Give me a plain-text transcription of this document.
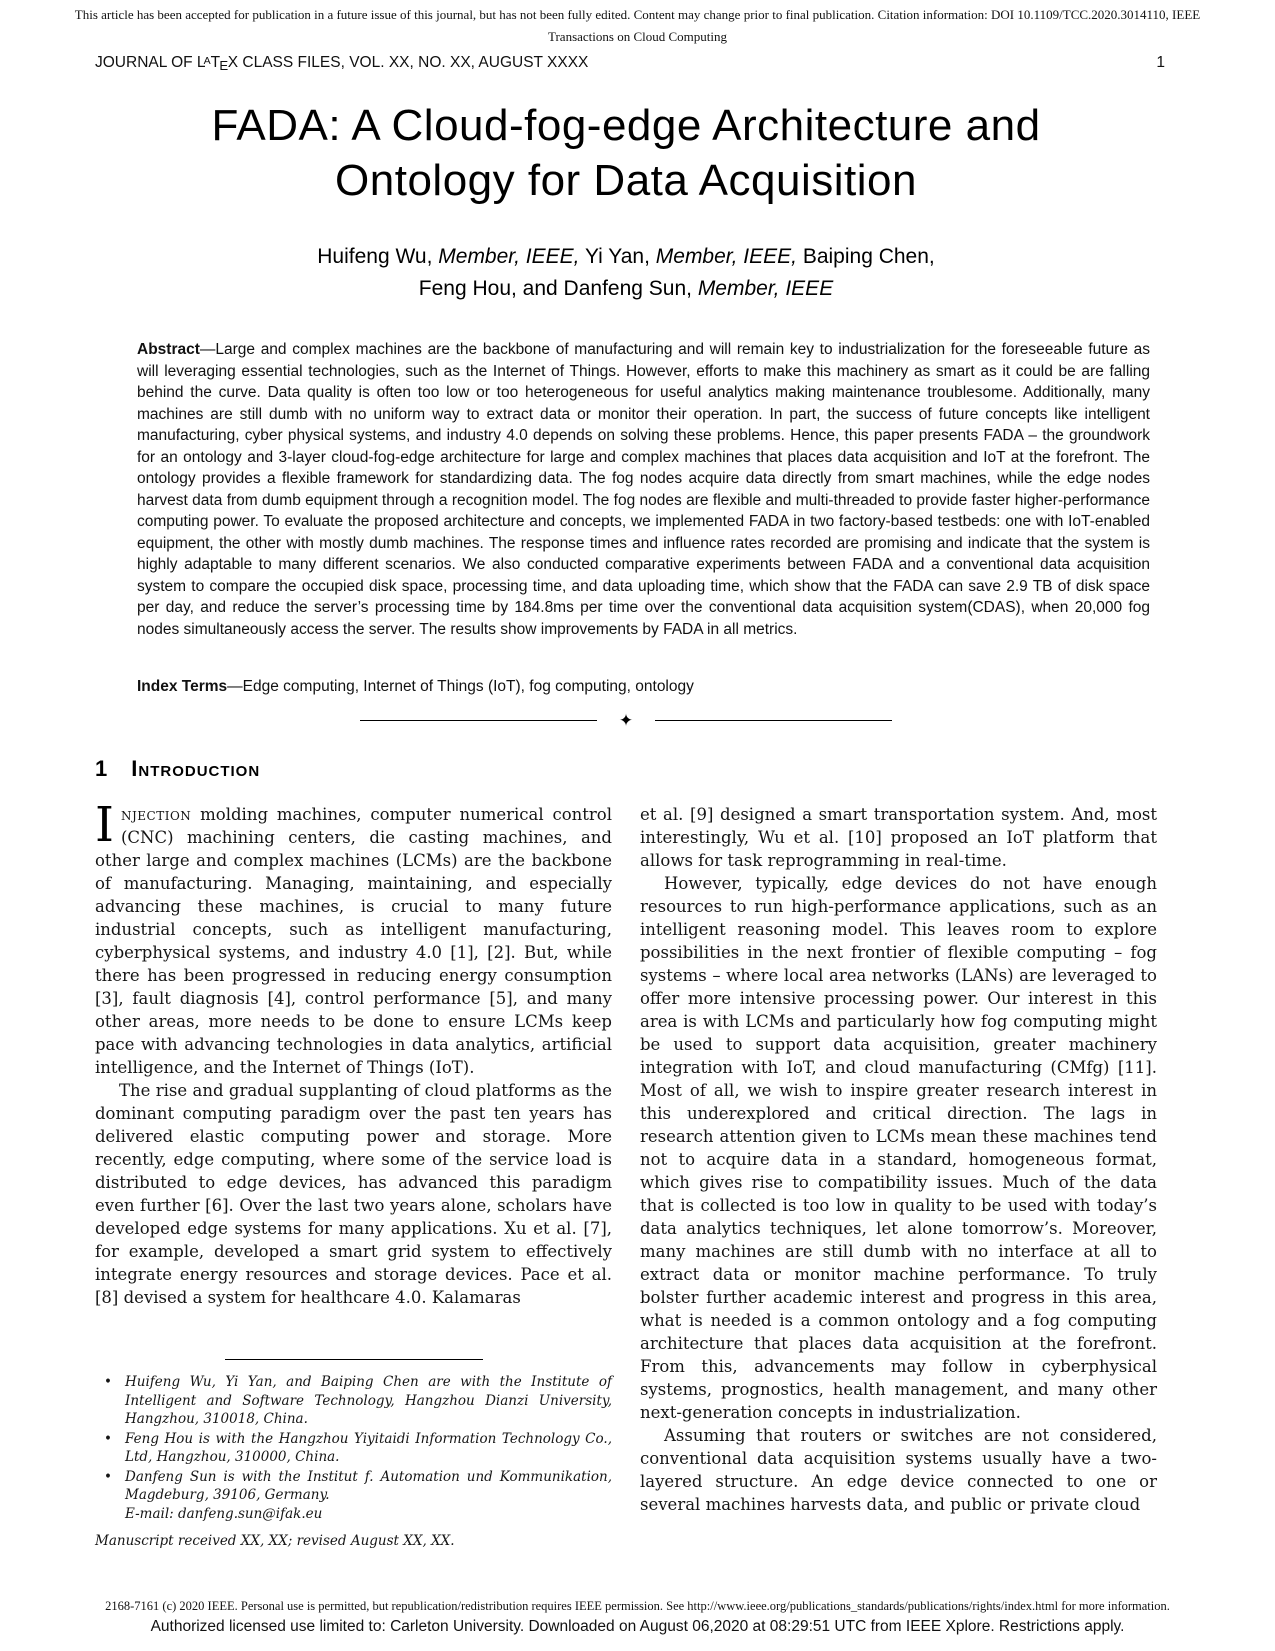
This article has been accepted for publication in a future issue of this journal, but has not been fully edited. Content may change prior to final publication. Citation information: DOI 10.1109/TCC.2020.3014110, IEEE
Transactions on Cloud Computing
JOURNAL OF $L^ATEX$ CLASS FILES, VOL. XX, NO. XX, AUGUST XXXX	1
FADA: A Cloud-fog-edge Architecture and
Ontology for Data Acquisition
Huifeng Wu, Member, IEEE, Yi Yan, Member, IEEE, Baiping Chen,
Feng Hou, and Danfeng Sun, Member, IEEE
Abstract—Large and complex machines are the backbone of manufacturing and will remain key to industrialization for the foreseeable future as will leveraging essential technologies, such as the Internet of Things. However, efforts to make this machinery as smart as it could be are falling behind the curve. Data quality is often too low or too heterogeneous for useful analytics making maintenance troublesome. Additionally, many machines are still dumb with no uniform way to extract data or monitor their operation. In part, the success of future concepts like intelligent manufacturing, cyber physical systems, and industry 4.0 depends on solving these problems. Hence, this paper presents FADA – the groundwork for an ontology and 3-layer cloud-fog-edge architecture for large and complex machines that places data acquisition and IoT at the forefront. The ontology provides a flexible framework for standardizing data. The fog nodes acquire data directly from smart machines, while the edge nodes harvest data from dumb equipment through a recognition model. The fog nodes are flexible and multi-threaded to provide faster higher-performance computing power. To evaluate the proposed architecture and concepts, we implemented FADA in two factory-based testbeds: one with IoT-enabled equipment, the other with mostly dumb machines. The response times and influence rates recorded are promising and indicate that the system is highly adaptable to many different scenarios. We also conducted comparative experiments between FADA and a conventional data acquisition system to compare the occupied disk space, processing time, and data uploading time, which show that the FADA can save 2.9 TB of disk space per day, and reduce the server’s processing time by 184.8ms per time over the conventional data acquisition system(CDAS), when 20,000 fog nodes simultaneously access the server. The results show improvements by FADA in all metrics.
Index Terms—Edge computing, Internet of Things (IoT), fog computing, ontology
✦
1 Introduction

Injection molding machines, computer numerical control (CNC) machining centers, die casting machines, and other large and complex machines (LCMs) are the backbone of manufacturing. Managing, maintaining, and especially advancing these machines, is crucial to many future industrial concepts, such as intelligent manufacturing, cyberphysical systems, and industry 4.0 [1], [2]. But, while there has been progressed in reducing energy consumption [3], fault diagnosis [4], control performance [5], and many other areas, more needs to be done to ensure LCMs keep pace with advancing technologies in data analytics, artificial intelligence, and the Internet of Things (IoT).

The rise and gradual supplanting of cloud platforms as the dominant computing paradigm over the past ten years has delivered elastic computing power and storage. More recently, edge computing, where some of the service load is distributed to edge devices, has advanced this paradigm even further [6]. Over the last two years alone, scholars have developed edge systems for many applications. Xu et al. [7], for example, developed a smart grid system to effectively integrate energy resources and storage devices. Pace et al. [8] devised a system for healthcare 4.0. Kalamaras

• Huifeng Wu, Yi Yan, and Baiping Chen are with the Institute of Intelligent and Software Technology, Hangzhou Dianzi University, Hangzhou, 310018, China.
• Feng Hou is with the Hangzhou Yiyitaidi Information Technology Co., Ltd, Hangzhou, 310000, China.
• Danfeng Sun is with the Institut f. Automation und Kommunikation, Magdeburg, 39106, Germany.
E-mail: danfeng.sun@ifak.eu
Manuscript received XX, XX; revised August XX, XX.

et al. [9] designed a smart transportation system. And, most interestingly, Wu et al. [10] proposed an IoT platform that allows for task reprogramming in real-time.

However, typically, edge devices do not have enough resources to run high-performance applications, such as an intelligent reasoning model. This leaves room to explore possibilities in the next frontier of flexible computing – fog systems – where local area networks (LANs) are leveraged to offer more intensive processing power. Our interest in this area is with LCMs and particularly how fog computing might be used to support data acquisition, greater machinery integration with IoT, and cloud manufacturing (CMfg) [11]. Most of all, we wish to inspire greater research interest in this underexplored and critical direction. The lags in research attention given to LCMs mean these machines tend not to acquire data in a standard, homogeneous format, which gives rise to compatibility issues. Much of the data that is collected is too low in quality to be used with today’s data analytics techniques, let alone tomorrow’s. Moreover, many machines are still dumb with no interface at all to extract data or monitor machine performance. To truly bolster further academic interest and progress in this area, what is needed is a common ontology and a fog computing architecture that places data acquisition at the forefront. From this, advancements may follow in cyberphysical systems, prognostics, health management, and many other next-generation concepts in industrialization.

Assuming that routers or switches are not considered, conventional data acquisition systems usually have a two-layered structure. An edge device connected to one or several machines harvests data, and public or private cloud

2168-7161 (c) 2020 IEEE. Personal use is permitted, but republication/redistribution requires IEEE permission. See http://www.ieee.org/publications_standards/publications/rights/index.html for more information.
Authorized licensed use limited to: Carleton University. Downloaded on August 06,2020 at 08:29:51 UTC from IEEE Xplore. Restrictions apply.
